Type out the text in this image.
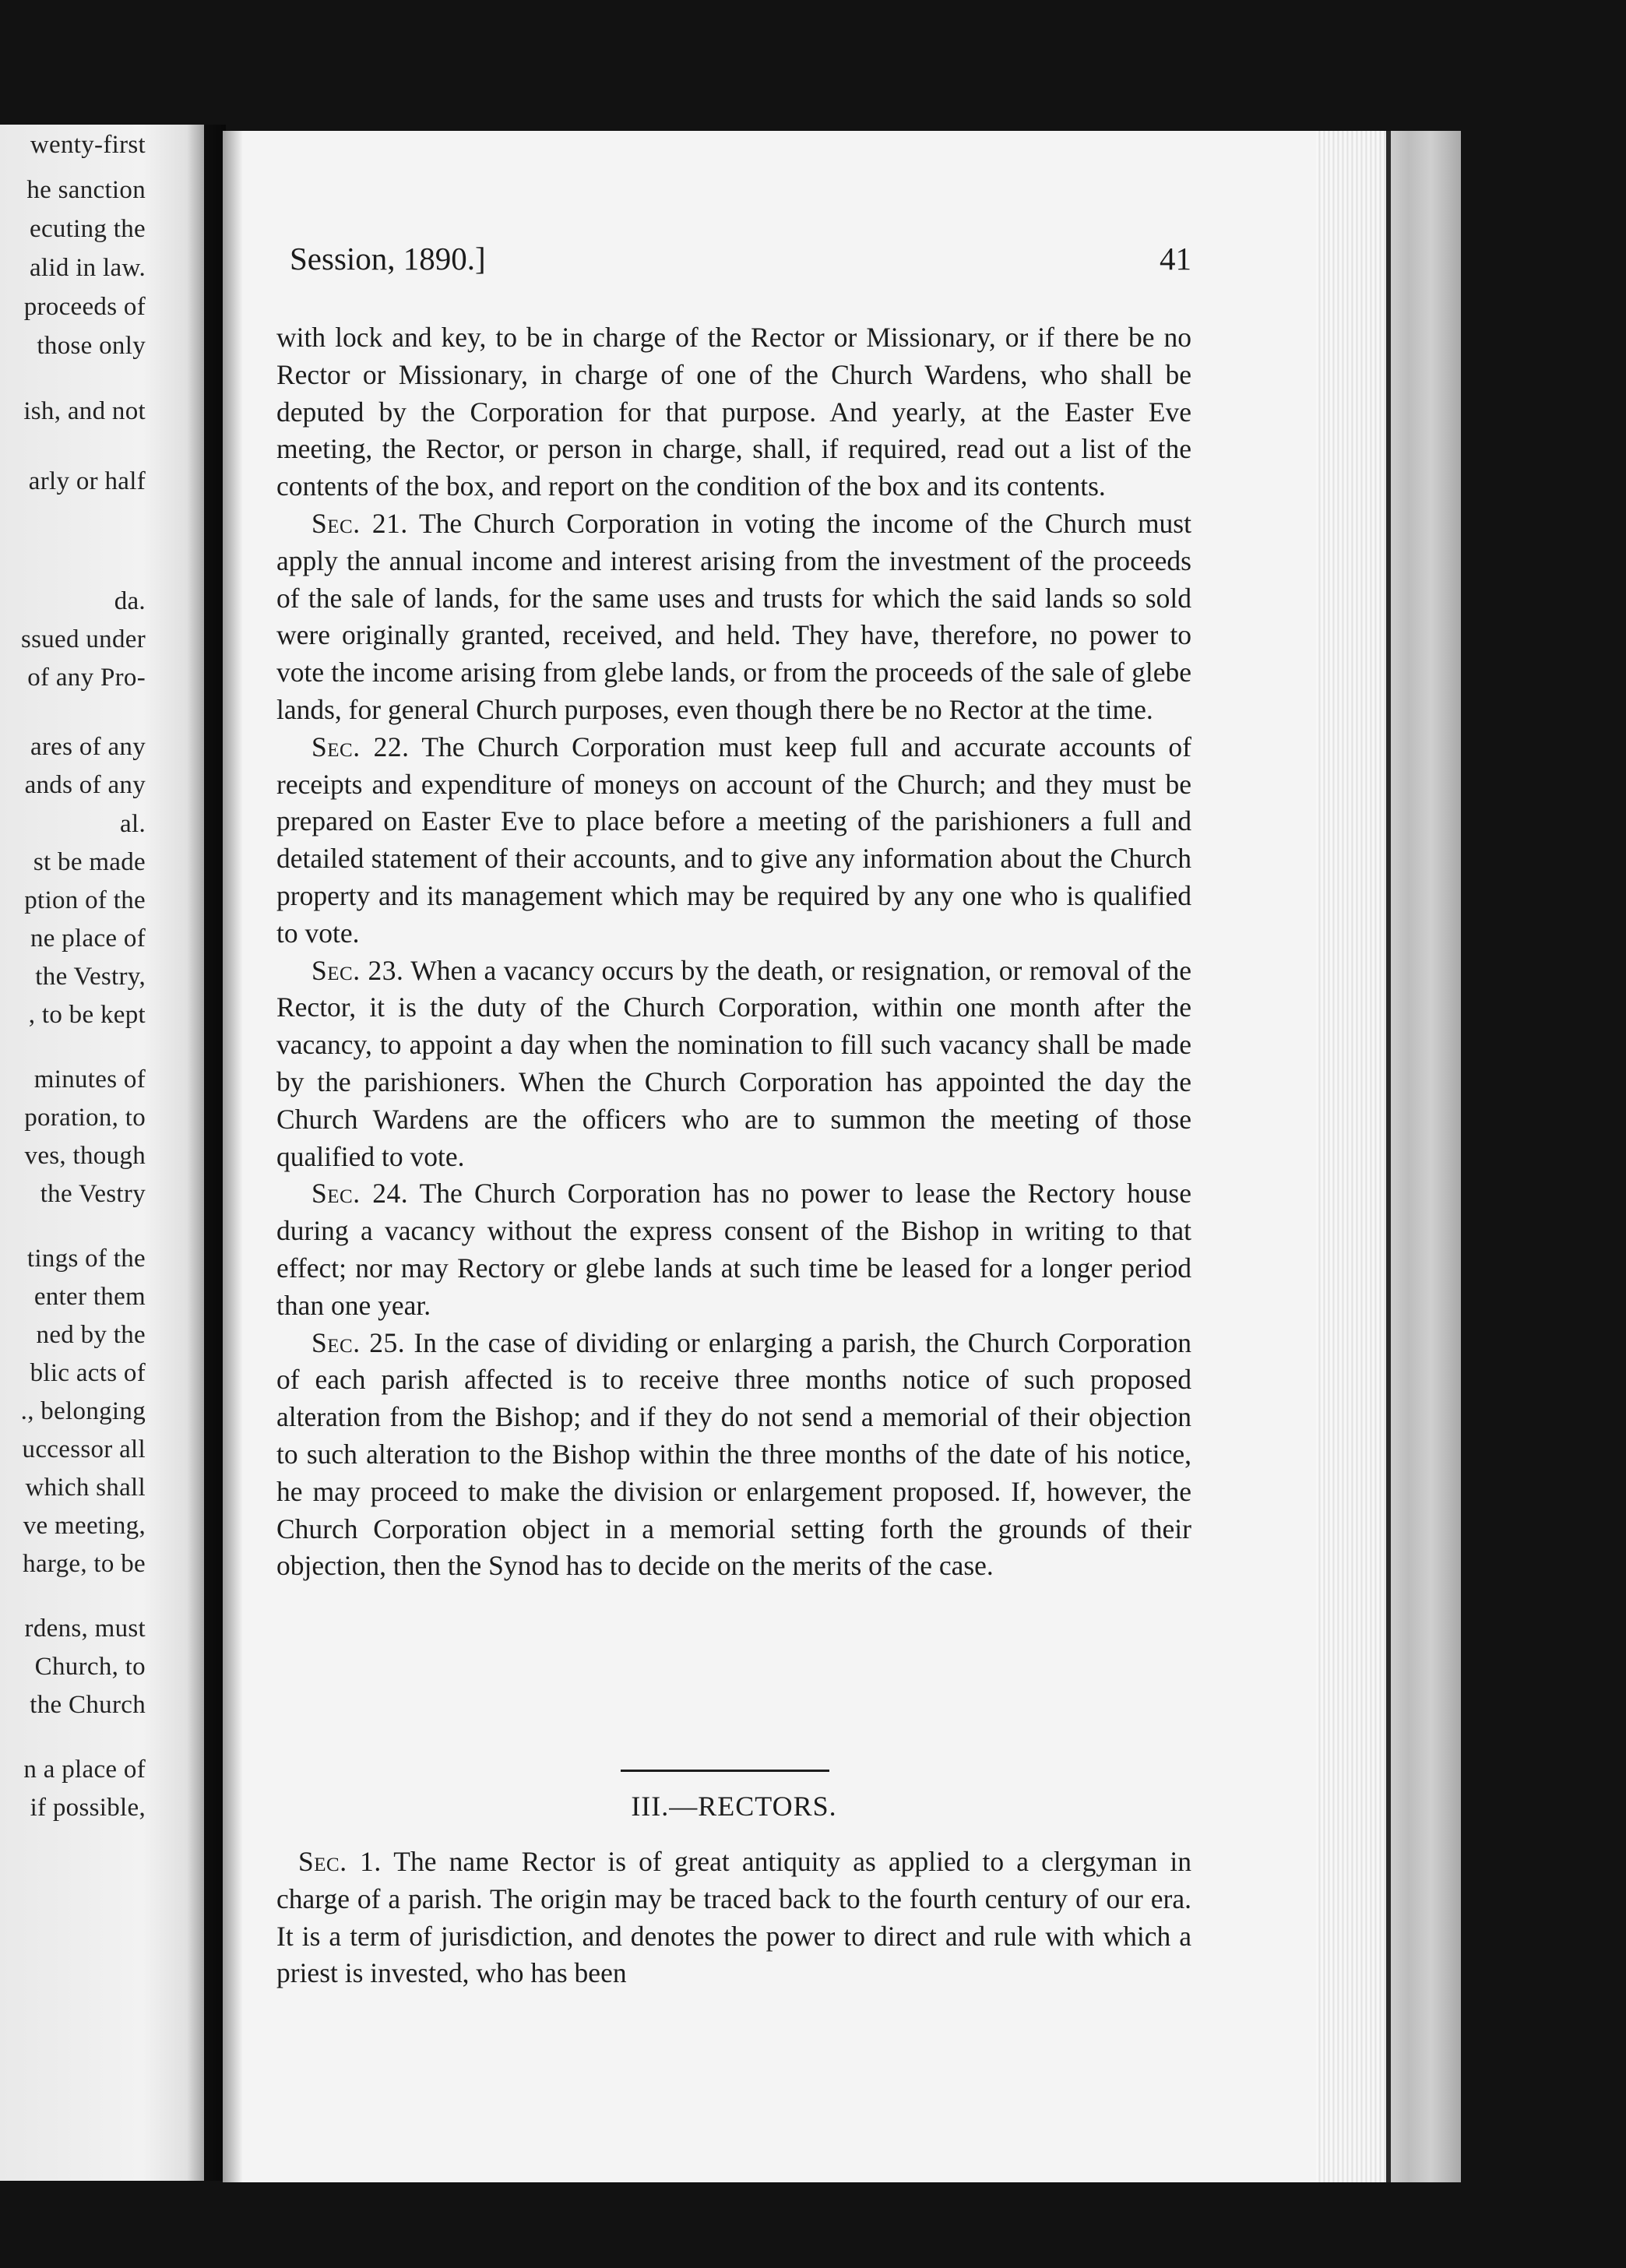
wenty-first
he sanction
ecuting the
alid in law.
proceeds of
those only
ish, and not
arly or half
da.
ssued under
of any Pro-
ares of any
ands of any
al.
st be made
ption of the
ne place of
the Vestry,
, to be kept
minutes of
poration, to
ves, though
the Vestry
tings of the
enter them
ned by the
blic acts of
., belonging
uccessor all
which shall
ve meeting,
harge, to be
rdens, must
Church, to
the Church
n a place of
if possible,
Session, 1890.]	41

with lock and key, to be in charge of the Rector or Missionary, or if there be no Rector or Missionary, in charge of one of the Church Wardens, who shall be deputed by the Corporation for that purpose. And yearly, at the Easter Eve meeting, the Rector, or person in charge, shall, if required, read out a list of the contents of the box, and report on the condition of the box and its contents.

Sec. 21. The Church Corporation in voting the income of the Church must apply the annual income and interest arising from the investment of the proceeds of the sale of lands, for the same uses and trusts for which the said lands so sold were originally granted, received, and held. They have, therefore, no power to vote the income arising from glebe lands, or from the proceeds of the sale of glebe lands, for general Church purposes, even though there be no Rector at the time.

Sec. 22. The Church Corporation must keep full and accurate accounts of receipts and expenditure of moneys on account of the Church; and they must be prepared on Easter Eve to place before a meeting of the parishioners a full and detailed statement of their accounts, and to give any information about the Church property and its management which may be required by any one who is qualified to vote.

Sec. 23. When a vacancy occurs by the death, or resignation, or removal of the Rector, it is the duty of the Church Corporation, within one month after the vacancy, to appoint a day when the nomination to fill such vacancy shall be made by the parishioners. When the Church Corporation has appointed the day the Church Wardens are the officers who are to summon the meeting of those qualified to vote.

Sec. 24. The Church Corporation has no power to lease the Rectory house during a vacancy without the express consent of the Bishop in writing to that effect; nor may Rectory or glebe lands at such time be leased for a longer period than one year.

Sec. 25. In the case of dividing or enlarging a parish, the Church Corporation of each parish affected is to receive three months notice of such proposed alteration from the Bishop; and if they do not send a memorial of their objection to such alteration to the Bishop within the three months of the date of his notice, he may proceed to make the division or enlargement proposed. If, however, the Church Corporation object in a memorial setting forth the grounds of their objection, then the Synod has to decide on the merits of the case.

III.—RECTORS.

Sec. 1. The name Rector is of great antiquity as applied to a clergyman in charge of a parish. The origin may be traced back to the fourth century of our era. It is a term of jurisdiction, and denotes the power to direct and rule with which a priest is invested, who has been
